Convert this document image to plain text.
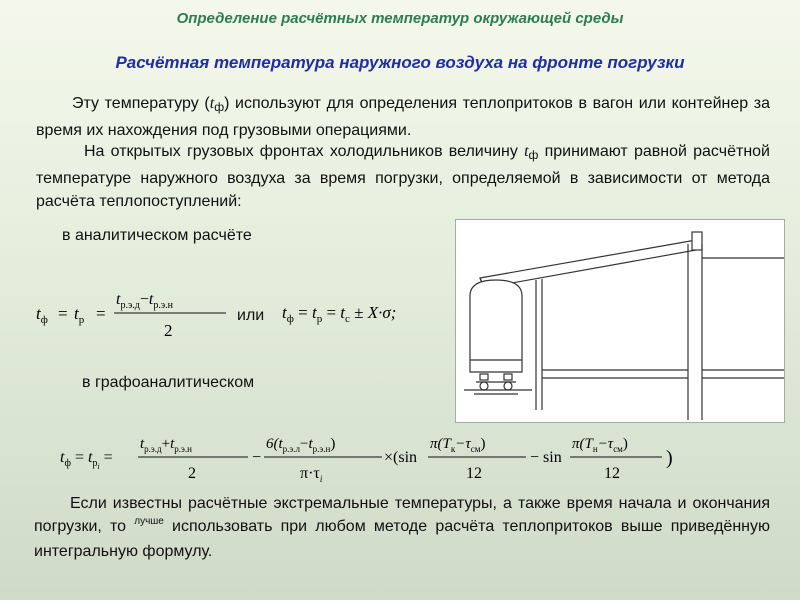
Определение расчётных температур окружающей среды
Расчётная температура наружного воздуха на фронте погрузки
Эту температуру $(t_ф)$ используют для определения теплопритоков в вагон или контейнер за время их нахождения под грузовыми операциями.
На открытых грузовых фронтах холодильников величину $t_ф$ принимают равной расчётной температуре наружного воздуха за время погрузки, определяемой в зависимости от метода расчёта теплопоступлений:
в аналитическом расчёте
$t_ф = t_р$ =
$t_{р.э.д}-t_{р.э.н}$
2
или $t_ф = t_р = t_с \pm X\cdot\sigma$;
в графоаналитическом
$t_ф = t_рi$ =
$t_{р.э.д}+t_{р.э.н}$
2
−
$6(t_{р.э.л}-t_{р.э.н})$
$\pi\cdot\tau_i$
×(sin
$\pi(T_к-\tau_{см})$
12
− sin
$\pi(T_н-\tau_{см})$
12
)
Если известны расчётные экстремальные температуры, а также время начала и окончания погрузки, то $^{лучше}$ использовать при любом методе расчёта теплопритоков выше приведённую интегральную формулу.
